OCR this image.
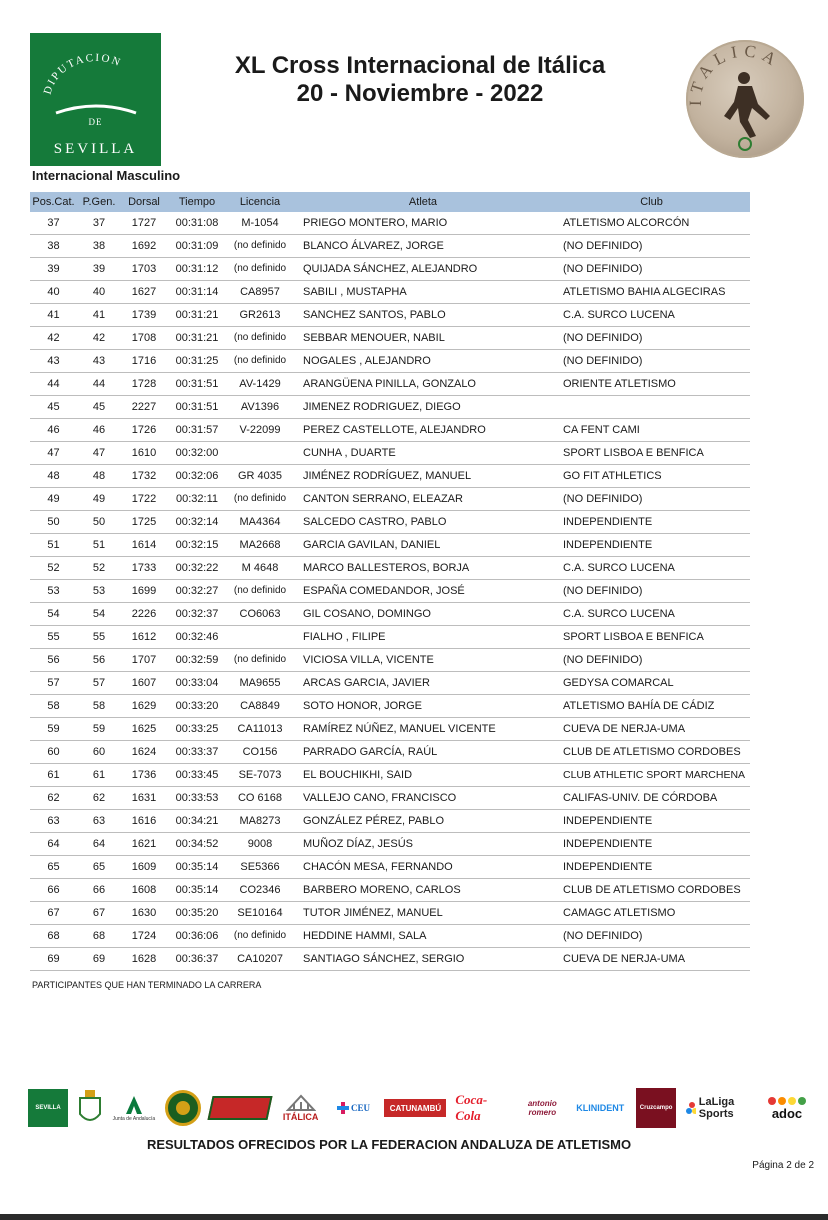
DIPUTACION
DE
SEVILLA
XL Cross Internacional de Itálica
20 - Noviembre - 2022	ITALICA
Internacional Masculino
Pos.Cat.	P.Gen.	Dorsal	Tiempo	Licencia	Atleta	Club
37	37	1727	00:31:08	M-1054	PRIEGO MONTERO, MARIO	ATLETISMO ALCORCÓN
38	38	1692	00:31:09	(no definido	BLANCO ÁLVAREZ, JORGE	(NO DEFINIDO)
39	39	1703	00:31:12	(no definido	QUIJADA SÁNCHEZ, ALEJANDRO	(NO DEFINIDO)
40	40	1627	00:31:14	CA8957	SABILI , MUSTAPHA	ATLETISMO BAHIA ALGECIRAS
41	41	1739	00:31:21	GR2613	SANCHEZ SANTOS, PABLO	C.A. SURCO LUCENA
42	42	1708	00:31:21	(no definido	SEBBAR MENOUER, NABIL	(NO DEFINIDO)
43	43	1716	00:31:25	(no definido	NOGALES , ALEJANDRO	(NO DEFINIDO)
44	44	1728	00:31:51	AV-1429	ARANGÜENA PINILLA, GONZALO	ORIENTE ATLETISMO
45	45	2227	00:31:51	AV1396	JIMENEZ RODRIGUEZ, DIEGO	
46	46	1726	00:31:57	V-22099	PEREZ CASTELLOTE, ALEJANDRO	CA FENT CAMI
47	47	1610	00:32:00		CUNHA , DUARTE	SPORT LISBOA E BENFICA
48	48	1732	00:32:06	GR 4035	JIMÉNEZ RODRÍGUEZ, MANUEL	GO FIT ATHLETICS
49	49	1722	00:32:11	(no definido	CANTON SERRANO, ELEAZAR	(NO DEFINIDO)
50	50	1725	00:32:14	MA4364	SALCEDO CASTRO, PABLO	INDEPENDIENTE
51	51	1614	00:32:15	MA2668	GARCIA GAVILAN, DANIEL	INDEPENDIENTE
52	52	1733	00:32:22	M 4648	MARCO BALLESTEROS, BORJA	C.A. SURCO LUCENA
53	53	1699	00:32:27	(no definido	ESPAÑA COMEDANDOR, JOSÉ	(NO DEFINIDO)
54	54	2226	00:32:37	CO6063	GIL COSANO, DOMINGO	C.A. SURCO LUCENA
55	55	1612	00:32:46		FIALHO , FILIPE	SPORT LISBOA E BENFICA
56	56	1707	00:32:59	(no definido	VICIOSA VILLA, VICENTE	(NO DEFINIDO)
57	57	1607	00:33:04	MA9655	ARCAS GARCIA, JAVIER	GEDYSA COMARCAL
58	58	1629	00:33:20	CA8849	SOTO HONOR, JORGE	ATLETISMO BAHÍA DE CÁDIZ
59	59	1625	00:33:25	CA11013	RAMÍREZ NÚÑEZ, MANUEL VICENTE	CUEVA DE NERJA-UMA
60	60	1624	00:33:37	CO156	PARRADO GARCÍA, RAÚL	CLUB DE ATLETISMO CORDOBES
61	61	1736	00:33:45	SE-7073	EL BOUCHIKHI, SAID	CLUB ATHLETIC SPORT MARCHENA
62	62	1631	00:33:53	CO 6168	VALLEJO CANO, FRANCISCO	CALIFAS-UNIV. DE CÓRDOBA
63	63	1616	00:34:21	MA8273	GONZÁLEZ PÉREZ, PABLO	INDEPENDIENTE
64	64	1621	00:34:52	9008	MUÑOZ DÍAZ, JESÚS	INDEPENDIENTE
65	65	1609	00:35:14	SE5366	CHACÓN MESA, FERNANDO	INDEPENDIENTE
66	66	1608	00:35:14	CO2346	BARBERO MORENO, CARLOS	CLUB DE ATLETISMO CORDOBES
67	67	1630	00:35:20	SE10164	TUTOR JIMÉNEZ, MANUEL	CAMAGC ATLETISMO
68	68	1724	00:36:06	(no definido	HEDDINE HAMMI, SALA	(NO DEFINIDO)
69	69	1628	00:36:37	CA10207	SANTIAGO SÁNCHEZ, SERGIO	CUEVA DE NERJA-UMA
PARTICIPANTES QUE HAN TERMINADO LA CARRERA
SEVILLA
Junta de Andalucía	ITÁLICA
CEU CATUNAMBÚ
Coca-Cola
antonio romero	KLINIDENT	Cruzcampo LaLiga Sports	adoc
RESULTADOS OFRECIDOS POR LA FEDERACION ANDALUZA DE ATLETISMO
Página 2 de 2
